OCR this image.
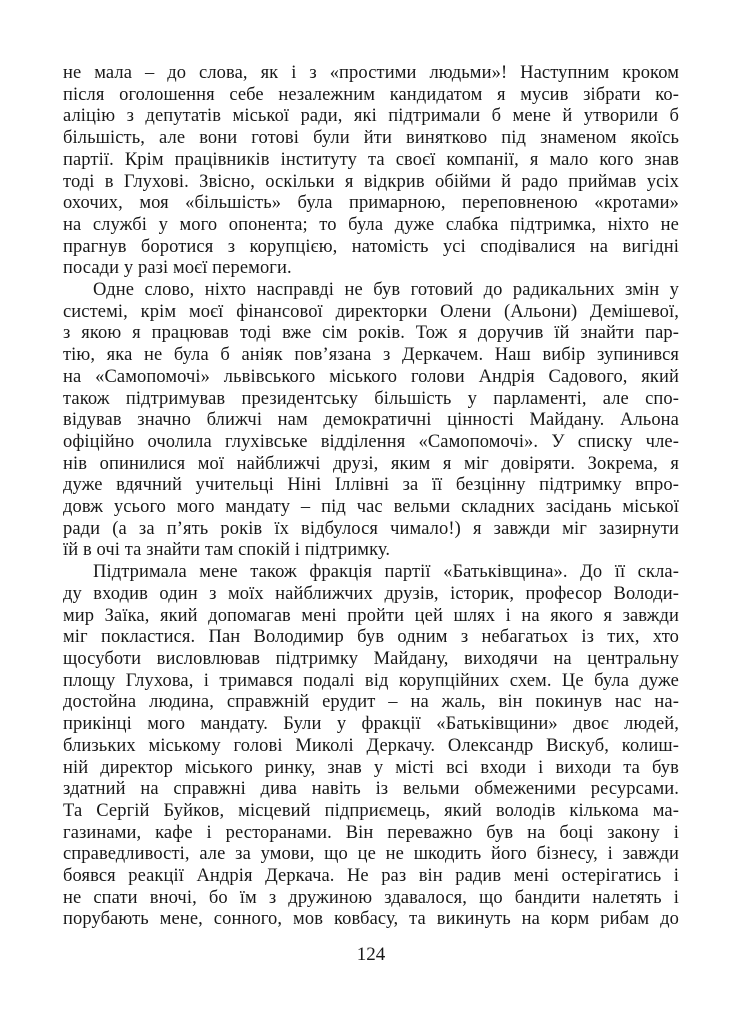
не мала – до слова, як і з «простими людьми»! Наступним кроком
після оголошення себе незалежним кандидатом я мусив зібрати ко-
аліцію з депутатів міської ради, які підтримали б мене й утворили б
більшість, але вони готові були йти винятково під знаменом якоїсь
партії. Крім працівників інституту та своєї компанії, я мало кого знав
тоді в Глухові. Звісно, оскільки я відкрив обійми й радо приймав усіх
охочих, моя «більшість» була примарною, переповненою «кротами»
на службі у мого опонента; то була дуже слабка підтримка, ніхто не
прагнув боротися з корупцією, натомість усі сподівалися на вигідні
посади у разі моєї перемоги.
Одне слово, ніхто насправді не був готовий до радикальних змін у
системі, крім моєї фінансової директорки Олени (Альони) Демішевої,
з якою я працював тоді вже сім років. Тож я доручив їй знайти пар-
тію, яка не була б аніяк пов’язана з Деркачем. Наш вибір зупинився
на «Самопомочі» львівського міського голови Андрія Садового, який
також підтримував президентську більшість у парламенті, але спо-
відував значно ближчі нам демократичні цінності Майдану. Альона
офіційно очолила глухівське відділення «Самопомочі». У списку чле-
нів опинилися мої найближчі друзі, яким я міг довіряти. Зокрема, я
дуже вдячний учительці Ніні Іллівні за її безцінну підтримку впро-
довж усього мого мандату – під час вельми складних засідань міської
ради (а за п’ять років їх відбулося чимало!) я завжди міг зазирнути
їй в очі та знайти там спокій і підтримку.
Підтримала мене також фракція партії «Батьківщина». До її скла-
ду входив один з моїх найближчих друзів, історик, професор Володи-
мир Заїка, який допомагав мені пройти цей шлях і на якого я завжди
міг покластися. Пан Володимир був одним з небагатьох із тих, хто
щосуботи висловлював підтримку Майдану, виходячи на центральну
площу Глухова, і тримався подалі від корупційних схем. Це була дуже
достойна людина, справжній ерудит – на жаль, він покинув нас на-
прикінці мого мандату. Були у фракції «Батьківщини» двоє людей,
близьких міському голові Миколі Деркачу. Олександр Вискуб, колиш-
ній директор міського ринку, знав у місті всі входи і виходи та був
здатний на справжні дива навіть із вельми обмеженими ресурсами.
Та Сергій Буйков, місцевий підприємець, який володів кількома ма-
газинами, кафе і ресторанами. Він переважно був на боці закону і
справедливості, але за умови, що це не шкодить його бізнесу, і завжди
боявся реакції Андрія Деркача. Не раз він радив мені остерігатись і
не спати вночі, бо їм з дружиною здавалося, що бандити налетять і
порубають мене, сонного, мов ковбасу, та викинуть на корм рибам до
124
